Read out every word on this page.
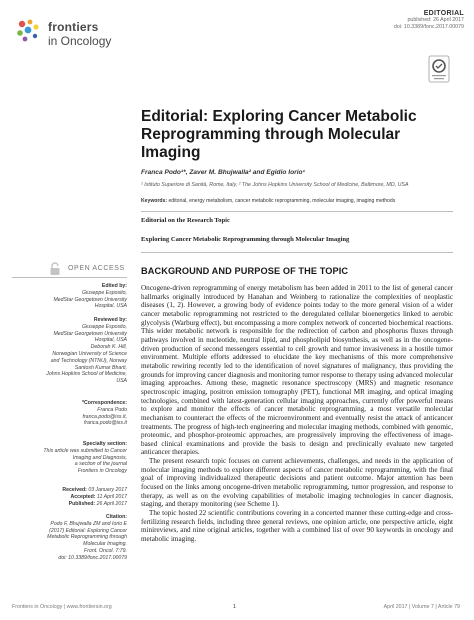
frontiers
in Oncology
EDITORIAL
published: 26 April 2017
doi: 10.3389/fonc.2017.00079
Editorial: Exploring Cancer Metabolic Reprogramming through Molecular Imaging
Franca Podo¹*, Zaver M. Bhujwalla² and Egidio Iorio¹
¹ Istituto Superiore di Sanità, Rome, Italy, ² The Johns Hopkins University School of Medicine, Baltimore, MD, USA
Keywords: editorial, energy metabolism, cancer metabolic reprogramming, molecular imaging, imaging methods
Editorial on the Research Topic
Exploring Cancer Metabolic Reprogramming through Molecular Imaging
OPEN ACCESS
Edited by:
Giuseppe Esposito,
MedStar Georgetown University
Hospital, USA
Reviewed by:
Giuseppe Esposito,
MedStar Georgetown University
Hospital, USA
Deborah K. Hill,
Norwegian University of Science
and Technology (NTNU), Norway
Santosh Kumar Bharti,
Johns Hopkins School of Medicine,
USA
*Correspondence:
Franca Podo
franca.podo@iss.it,
franca.podo@iss.it
Specialty section:
This article was submitted to Cancer
Imaging and Diagnosis,
a section of the journal
Frontiers in Oncology
Received: 03 January 2017
Accepted: 11 April 2017
Published: 26 April 2017
Citation:
Podo F, Bhujwalla ZM and Iorio E
(2017) Editorial: Exploring Cancer
Metabolic Reprogramming through
Molecular Imaging.
Front. Oncol. 7:79.
doi: 10.3389/fonc.2017.00079
BACKGROUND AND PURPOSE OF THE TOPIC

Oncogene-driven reprogramming of energy metabolism has been added in 2011 to the list of general cancer hallmarks originally introduced by Hanahan and Weinberg to rationalize the complexities of neoplastic diseases (1, 2). However, a growing body of evidence points today to the more general vision of a wider cancer metabolic reprogramming not restricted to the deregulated cellular bioenergetics linked to aerobic glycolysis (Warburg effect), but encompassing a more complex network of concerted biochemical reactions. This wider metabolic network is responsible for the redirection of carbon and phosphorus fluxes through pathways involved in nucleotide, neutral lipid, and phospholipid biosynthesis, as well as in the oncogene-driven production of second messengers essential to cell growth and tumor invasiveness in a hostile tumor environment. Multiple efforts addressed to elucidate the key mechanisms of this more comprehensive metabolic rewiring recently led to the identification of novel signatures of malignancy, thus providing the grounds for improving cancer diagnosis and monitoring tumor response to therapy using advanced molecular imaging approaches. Among these, magnetic resonance spectroscopy (MRS) and magnetic resonance spectroscopic imaging, positron emission tomography (PET), functional MR imaging, and optical imaging technologies, combined with latest-generation cellular imaging approaches, currently offer powerful means to explore and monitor the effects of cancer metabolic reprogramming, a most versatile molecular mechanism to counteract the effects of the microenvironment and eventually resist the attack of anticancer treatments. The progress of high-tech engineering and molecular imaging methods, combined with genomic, proteomic, and phosphor-proteomic approaches, are progressively improving the effectiveness of image-based clinical examinations and provide the basis to design and preclinically evaluate new targeted anticancer therapies.

The present research topic focuses on current achievements, challenges, and needs in the application of molecular imaging methods to explore different aspects of cancer metabolic reprogramming, with the final goal of improving individualized therapeutic decisions and patient outcome. Major attention has been focused on the links among oncogene-driven metabolic reprogramming, tumor progression, and response to therapy, as well as on the evolving capabilities of metabolic imaging technologies in cancer diagnosis, staging, and therapy monitoring (see Scheme 1).

The topic hosted 22 scientific contributions covering in a concerted manner these cutting-edge and cross-fertilizing research fields, including three general reviews, one opinion article, one perspective article, eight minireviews, and nine original articles, together with a combined list of over 90 keywords in oncology and metabolic imaging.

Frontiers in Oncology | www.frontiersin.org	1	April 2017 | Volume 7 | Article 79
